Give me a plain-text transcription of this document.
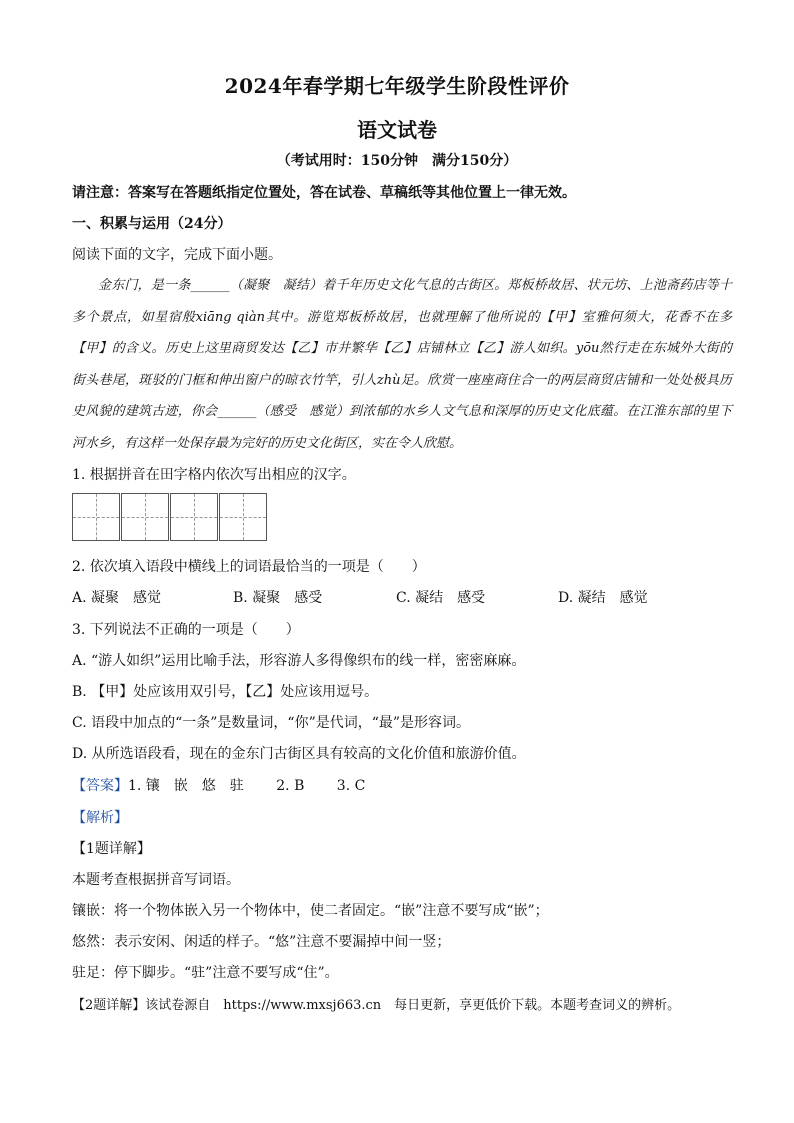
2024年春学期七年级学生阶段性评价
语文试卷
（考试用时：150分钟　满分150分）
请注意：答案写在答题纸指定位置处，答在试卷、草稿纸等其他位置上一律无效。
一、积累与运用（24分）
阅读下面的文字，完成下面小题。

金东门，是一条______（凝聚　凝结）着千年历史文化气息的古街区。郑板桥故居、状元坊、上池斋药店等十多个景点，如星宿般xiāng qiàn其中。游览郑板桥故居，也就理解了他所说的【甲】室雅何须大，花香不在多【甲】的含义。历史上这里商贸发达【乙】市井繁华【乙】店铺林立【乙】游人如织。yōu然行走在东城外大街的街头巷尾，斑驳的门框和伸出窗户的晾衣竹竿，引人zhù足。欣赏一座座商住合一的两层商贸店铺和一处处极具历史风貌的建筑古迹，你会______（感受　感觉）到浓郁的水乡人文气息和深厚的历史文化底蕴。在江淮东部的里下河水乡，有这样一处保存最为完好的历史文化街区，实在令人欣慰。

1. 根据拼音在田字格内依次写出相应的汉字。
2. 依次填入语段中横线上的词语最恰当的一项是（　　）
A. 凝聚　感觉	B. 凝聚　感受	C. 凝结　感受	D. 凝结　感觉
3. 下列说法不正确的一项是（　　）
A. “游人如织”运用比喻手法，形容游人多得像织布的线一样，密密麻麻。
B. 【甲】处应该用双引号，【乙】处应该用逗号。
C. 语段中加点的“一条”是数量词，“你”是代词，“最”是形容词。
D. 从所选语段看，现在的金东门古街区具有较高的文化价值和旅游价值。
【答案】1. 镶　嵌　悠　驻　　 2. B　　 3. C
【解析】
【1题详解】
本题考查根据拼音写词语。
镶嵌：将一个物体嵌入另一个物体中，使二者固定。“嵌”注意不要写成“嵌”；
悠然：表示安闲、闲适的样子。“悠”注意不要漏掉中间一竖；
驻足：停下脚步。“驻”注意不要写成“住”。
【2题详解】该试卷源自　https://www.mxsj663.cn　每日更新，享更低价下载。本题考查词义的辨析。
